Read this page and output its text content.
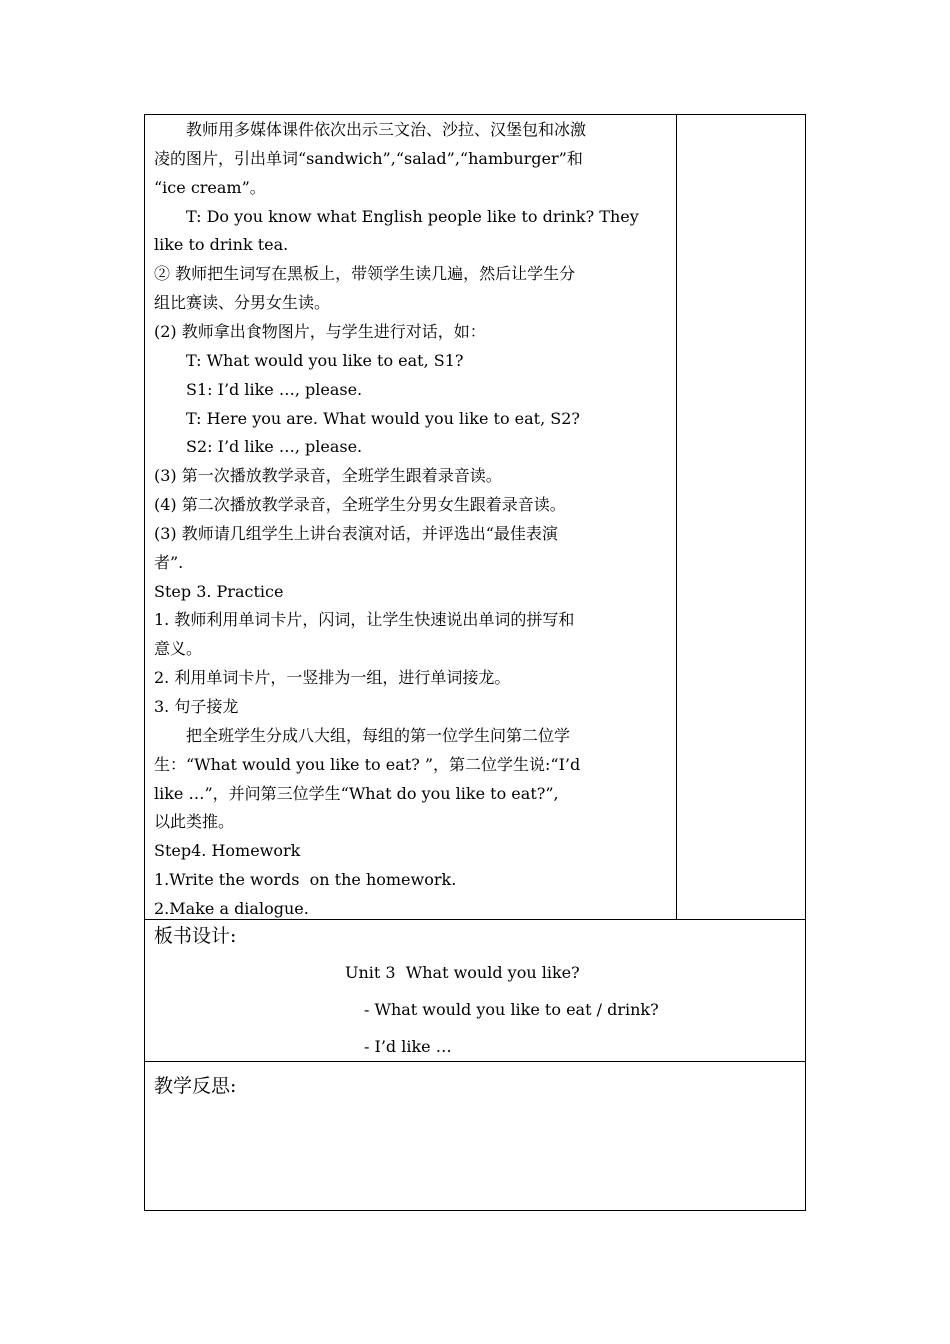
　　教师用多媒体课件依次出示三文治、沙拉、汉堡包和冰激
凌的图片，引出单词“sandwich”,“salad”,“hamburger”和
“ice cream”。
　　T: Do you know what English people like to drink? They
like to drink tea.
② 教师把生词写在黑板上，带领学生读几遍，然后让学生分
组比赛读、分男女生读。
(2) 教师拿出食物图片，与学生进行对话，如：
　　T: What would you like to eat, S1?
　　S1: I’d like …, please.
　　T: Here you are. What would you like to eat, S2?
　　S2: I’d like …, please.
(3) 第一次播放教学录音，全班学生跟着录音读。
(4) 第二次播放教学录音，全班学生分男女生跟着录音读。
(3) 教师请几组学生上讲台表演对话，并评选出“最佳表演
者”.
Step 3. Practice
1. 教师利用单词卡片，闪词，让学生快速说出单词的拼写和
意义。
2. 利用单词卡片，一竖排为一组，进行单词接龙。
3. 句子接龙
　　把全班学生分成八大组，每组的第一位学生问第二位学
生：“What would you like to eat? ”，第二位学生说:“I’d
like …”，并问第三位学生“What do you like to eat?”,
以此类推。
Step4. Homework
1.Write the words  on the homework.
2.Make a dialogue.
板书设计:
Unit 3  What would you like?
- What would you like to eat / drink?
- I’d like …
教学反思:
